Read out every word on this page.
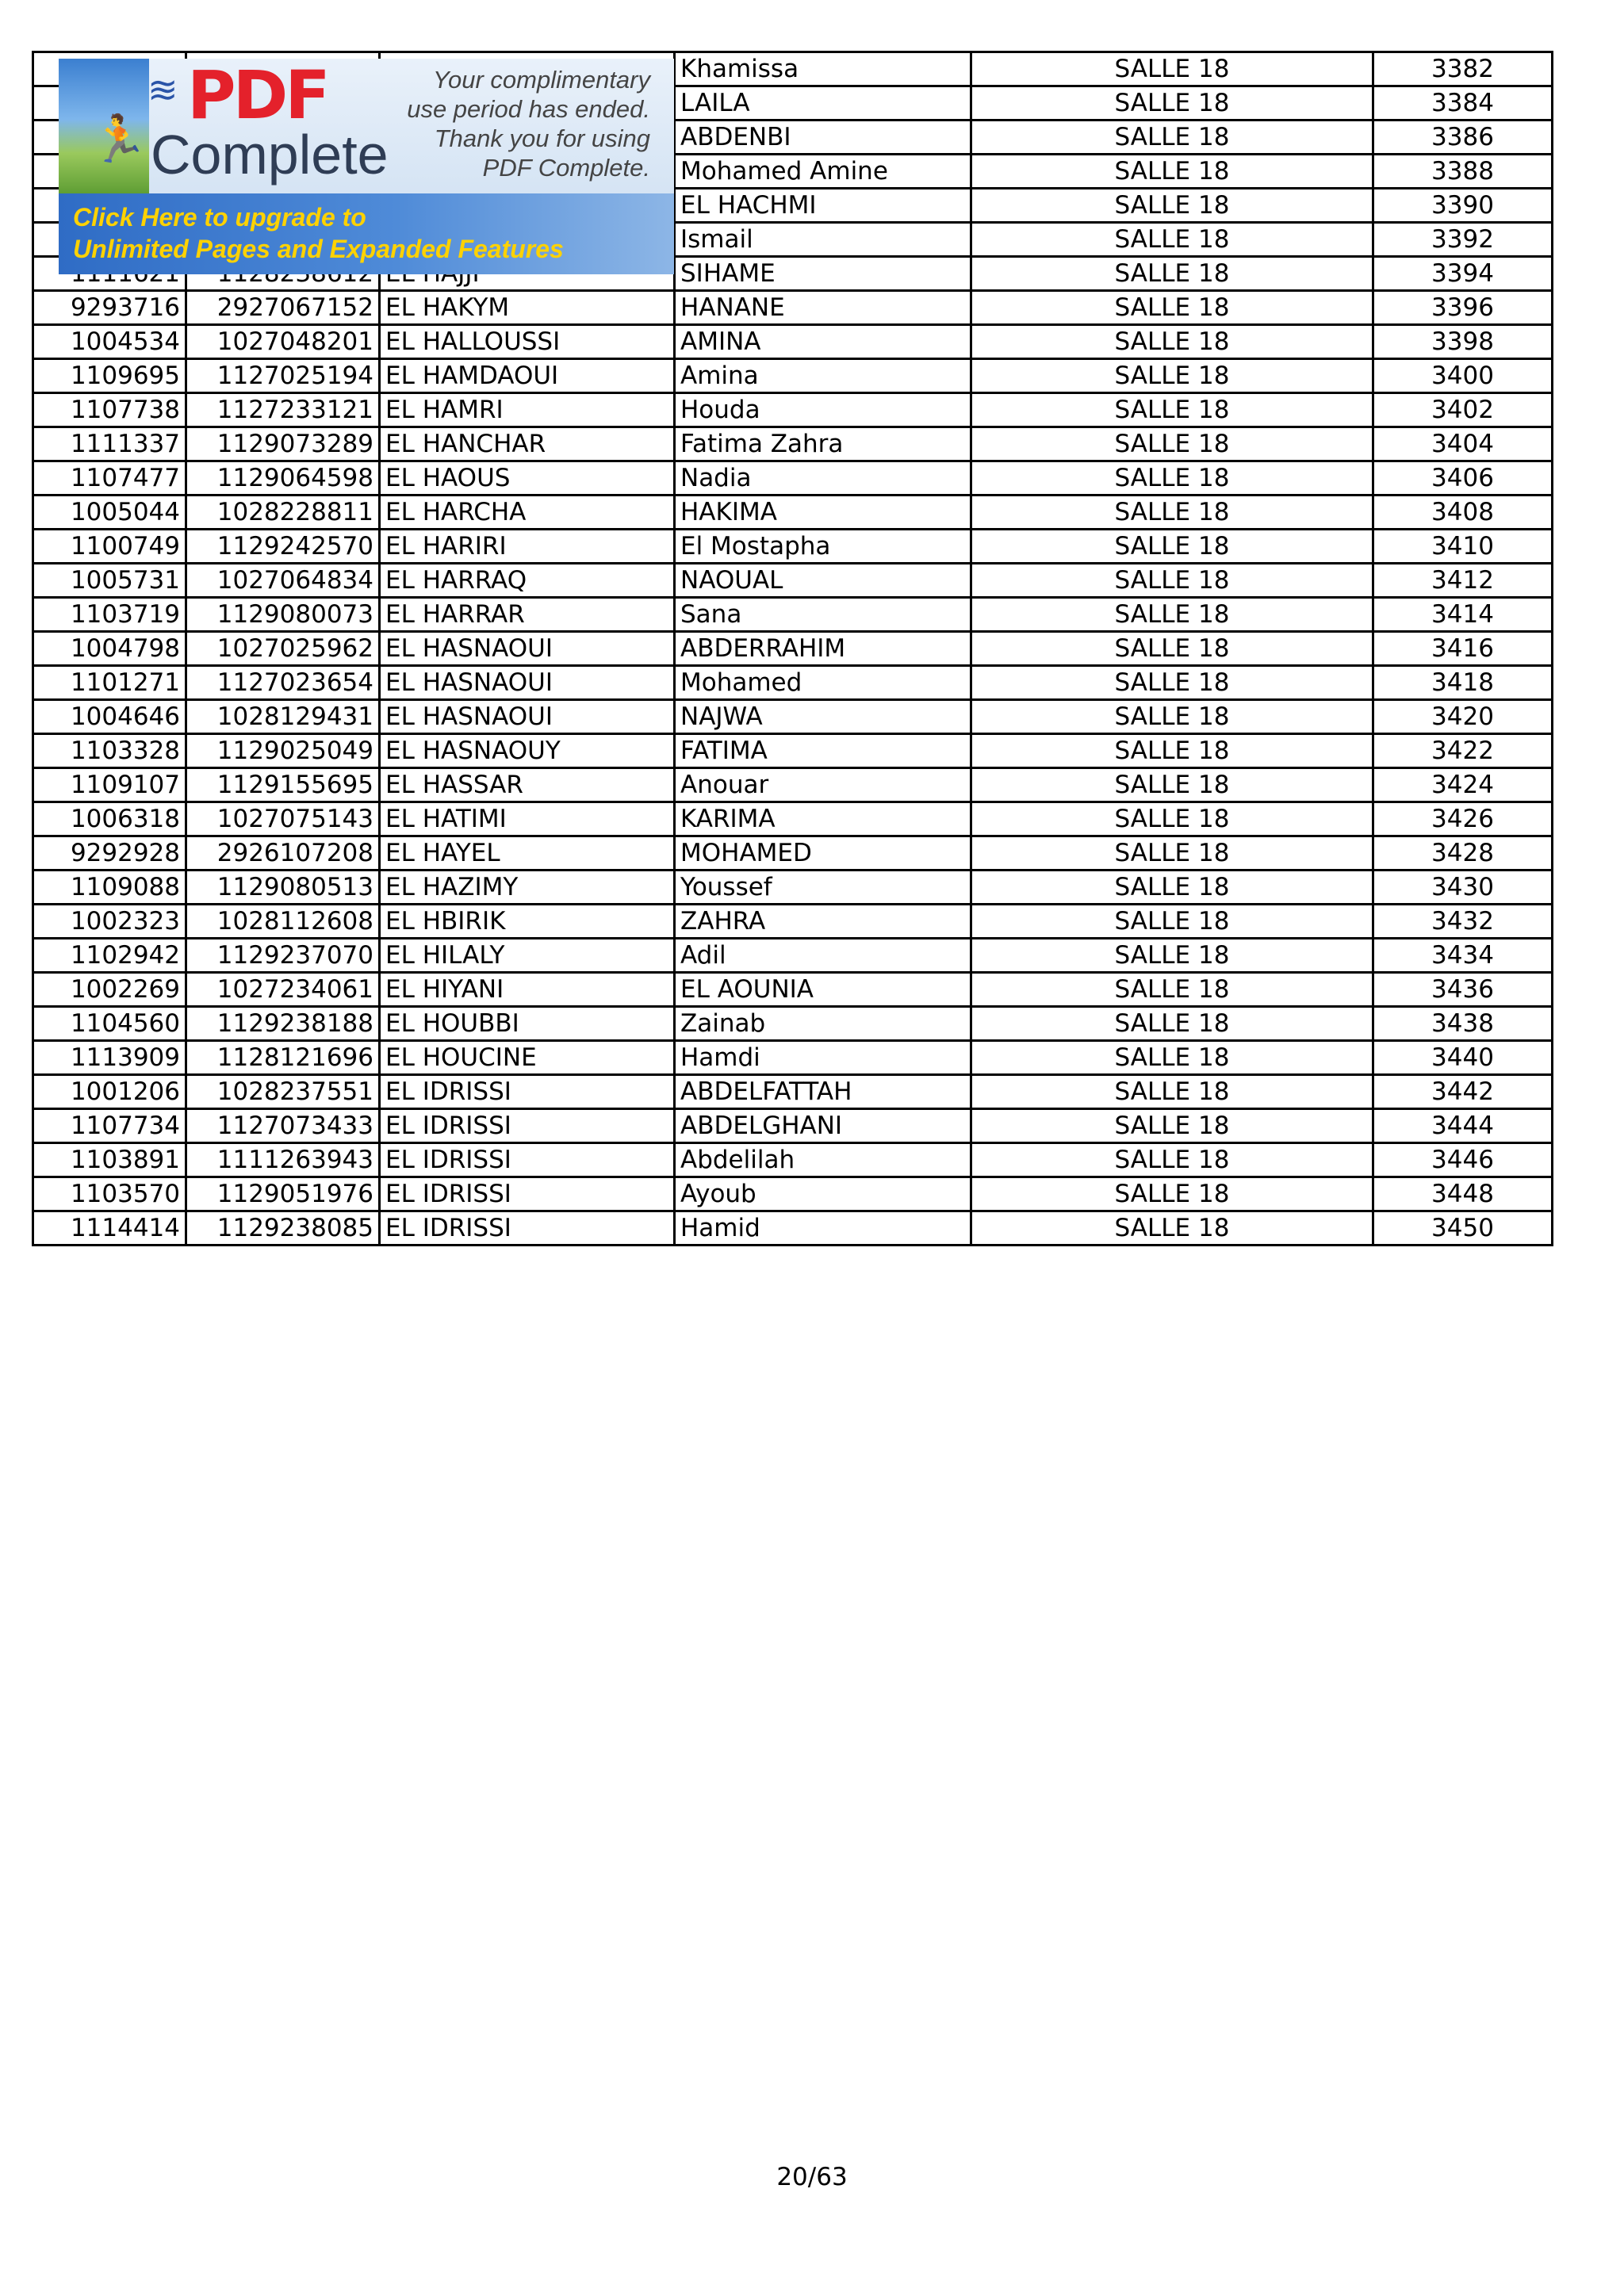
			Khamissa	SALLE 18	3382
			LAILA	SALLE 18	3384
			ABDENBI	SALLE 18	3386
			Mohamed Amine	SALLE 18	3388
			EL HACHMI	SALLE 18	3390
			Ismail	SALLE 18	3392
			SIHAME	SALLE 18	3394
9293716	2927067152	EL HAKYM	HANANE	SALLE 18	3396
1004534	1027048201	EL HALLOUSSI	AMINA	SALLE 18	3398
1109695	1127025194	EL HAMDAOUI	Amina	SALLE 18	3400
1107738	1127233121	EL HAMRI	Houda	SALLE 18	3402
1111337	1129073289	EL HANCHAR	Fatima Zahra	SALLE 18	3404
1107477	1129064598	EL HAOUS	Nadia	SALLE 18	3406
1005044	1028228811	EL HARCHA	HAKIMA	SALLE 18	3408
1100749	1129242570	EL HARIRI	El Mostapha	SALLE 18	3410
1005731	1027064834	EL HARRAQ	NAOUAL	SALLE 18	3412
1103719	1129080073	EL HARRAR	Sana	SALLE 18	3414
1004798	1027025962	EL HASNAOUI	ABDERRAHIM	SALLE 18	3416
1101271	1127023654	EL HASNAOUI	Mohamed	SALLE 18	3418
1004646	1028129431	EL HASNAOUI	NAJWA	SALLE 18	3420
1103328	1129025049	EL HASNAOUY	FATIMA	SALLE 18	3422
1109107	1129155695	EL HASSAR	Anouar	SALLE 18	3424
1006318	1027075143	EL HATIMI	KARIMA	SALLE 18	3426
9292928	2926107208	EL HAYEL	MOHAMED	SALLE 18	3428
1109088	1129080513	EL HAZIMY	Youssef	SALLE 18	3430
1002323	1028112608	EL HBIRIK	ZAHRA	SALLE 18	3432
1102942	1129237070	EL HILALY	Adil	SALLE 18	3434
1002269	1027234061	EL HIYANI	EL AOUNIA	SALLE 18	3436
1104560	1129238188	EL HOUBBI	Zainab	SALLE 18	3438
1113909	1128121696	EL HOUCINE	Hamdi	SALLE 18	3440
1001206	1028237551	EL IDRISSI	ABDELFATTAH	SALLE 18	3442
1107734	1127073433	EL IDRISSI	ABDELGHANI	SALLE 18	3444
1103891	1111263943	EL IDRISSI	Abdelilah	SALLE 18	3446
1103570	1129051976	EL IDRISSI	Ayoub	SALLE 18	3448
1114414	1129238085	EL IDRISSI	Hamid	SALLE 18	3450
20/63
🏃
≋ PDF
Complete
Your complimentary
use period has ended.
Thank you for using
PDF Complete.
Click Here to upgrade to
Unlimited Pages and Expanded Features
